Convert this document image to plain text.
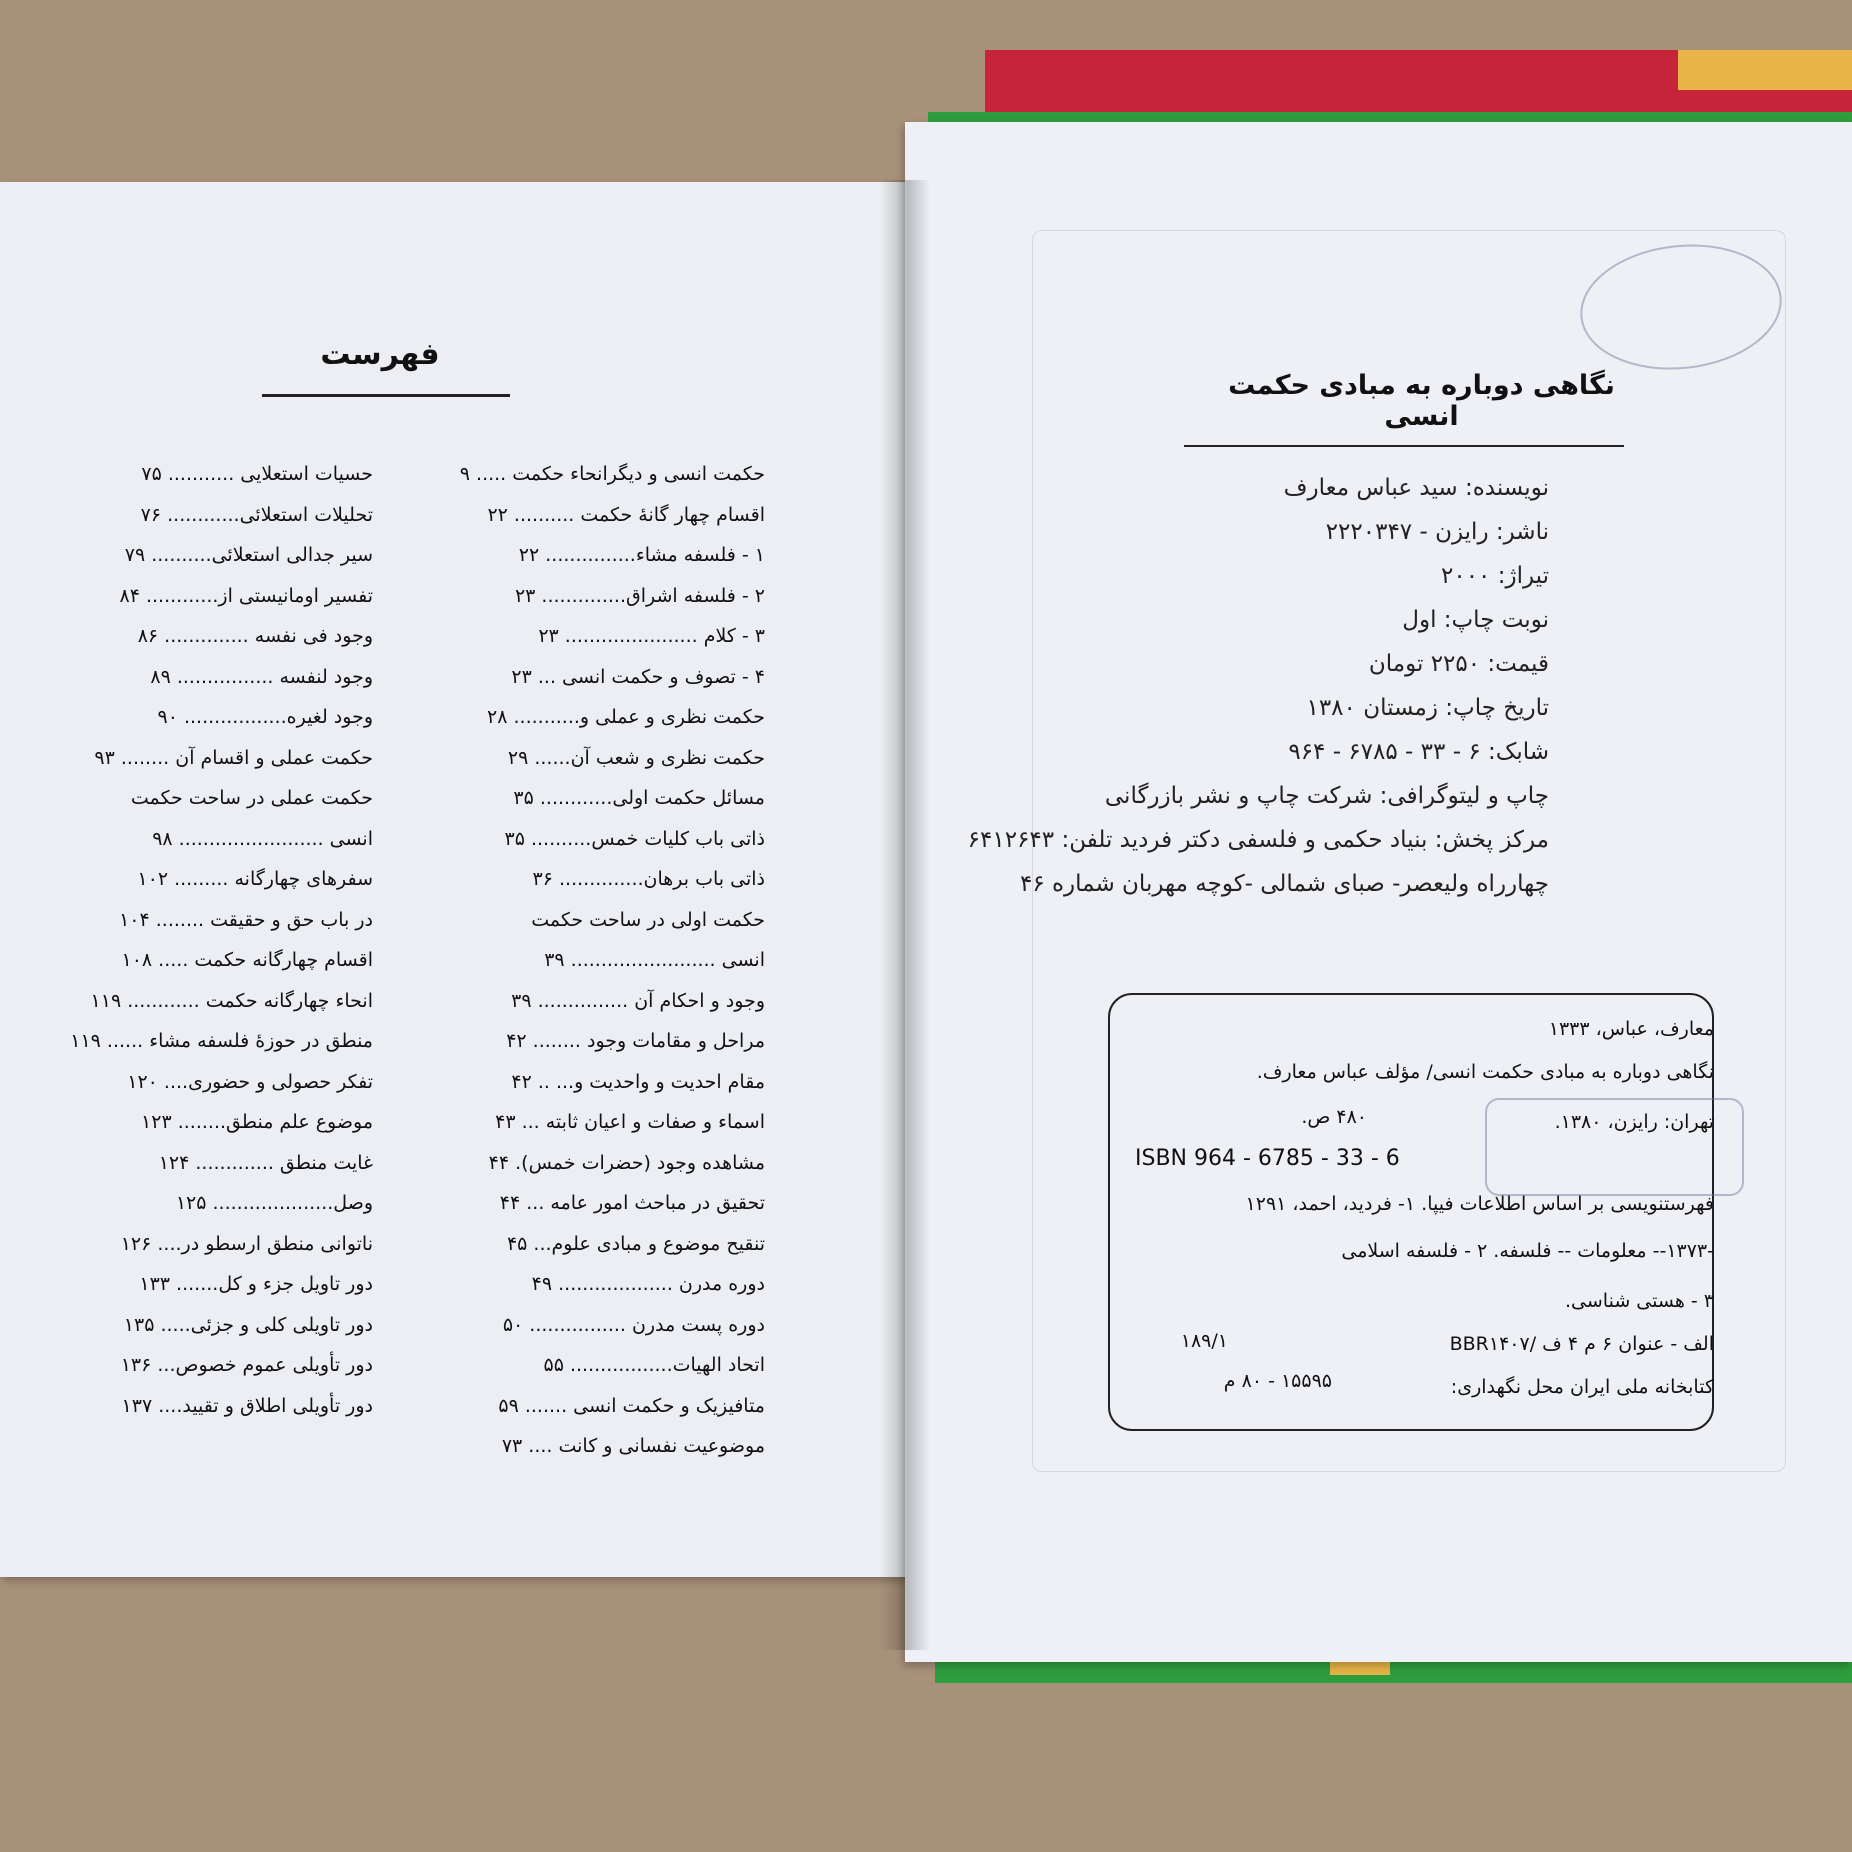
فهرست
حکمت انسی و دیگرانحاء حکمت ..... ۹
اقسام چهار گانهٔ حکمت .......... ۲۲
۱ - فلسفه مشاء............... ۲۲
۲ - فلسفه اشراق.............. ۲۳
۳ - کلام ...................... ۲۳
۴ - تصوف و حکمت انسی ... ۲۳
حکمت نظری و عملی و........... ۲۸
حکمت نظری و شعب آن...... ۲۹
مسائل حکمت اولی............ ۳۵
ذاتی باب کلیات خمس.......... ۳۵
ذاتی باب برهان.............. ۳۶
حکمت اولی در ساحت حکمت
انسی ........................ ۳۹
وجود و احکام آن ............... ۳۹
مراحل و مقامات وجود ........ ۴۲
مقام احدیت و واحدیت و... .. ۴۲
اسماء و صفات و اعیان ثابته ... ۴۳
مشاهده وجود (حضرات خمس). ۴۴
تحقیق در مباحث امور عامه ... ۴۴
تنقیح موضوع و مبادی علوم... ۴۵
دوره مدرن ................... ۴۹
دوره پست مدرن ................ ۵۰
اتحاد الهیات................. ۵۵
متافیزیک و حکمت انسی ....... ۵۹
موضوعیت نفسانی و کانت .... ۷۳
حسیات استعلایی ........... ۷۵
تحلیلات استعلائی............ ۷۶
سیر جدالی استعلائی.......... ۷۹
تفسیر اومانیستی از............ ۸۴
وجود فی نفسه .............. ۸۶
وجود لنفسه ................ ۸۹
وجود لغیره................. ۹۰
حکمت عملی و اقسام آن ........ ۹۳
حکمت عملی در ساحت حکمت
انسی ........................ ۹۸
سفرهای چهارگانه ......... ۱۰۲
در باب حق و حقیقت ........ ۱۰۴
اقسام چهارگانه حکمت ..... ۱۰۸
انحاء چهارگانه حکمت ............ ۱۱۹
منطق در حوزهٔ فلسفه مشاء ...... ۱۱۹
تفکر حصولی و حضوری.... ۱۲۰
موضوع علم منطق........ ۱۲۳
غایت منطق ............. ۱۲۴
وصل.................... ۱۲۵
ناتوانی منطق ارسطو در.... ۱۲۶
دور تاویل جزء و کل....... ۱۳۳
دور تاویلی کلی و جزئی..... ۱۳۵
دور تأویلی عموم خصوص... ۱۳۶
دور تأویلی اطلاق و تقیید.... ۱۳۷
نگاهی دوباره به مبادی حکمت انسی
نویسنده: سید عباس معارف
ناشر: رایزن - ۲۲۲۰۳۴۷
تیراژ: ۲۰۰۰
نوبت چاپ: اول
قیمت: ۲۲۵۰ تومان
تاریخ چاپ: زمستان ۱۳۸۰
شابک: ۶ - ۳۳ - ۶۷۸۵ - ۹۶۴
چاپ و لیتوگرافی: شرکت چاپ و نشر بازرگانی
مرکز پخش: بنیاد حکمی و فلسفی دکتر فردید تلفن: ۶۴۱۲۶۴۳
چهارراه ولیعصر- صبای شمالی -کوچه مهربان شماره ۴۶
معارف، عباس، ۱۳۳۳
نگاهی دوباره به مبادی حکمت انسی/ مؤلف عباس معارف.
تهران: رایزن، ۱۳۸۰.
۴۸۰ ص.
ISBN 964 - 6785 - 33 - 6
فهرستنویسی بر اساس اطلاعات فیپا. ۱- فردید، احمد، ۱۲۹۱
-۱۳۷۳-- معلومات -- فلسفه. ۲ - فلسفه اسلامی
۳ - هستی شناسی.
الف - عنوان ۶ م ۴ ف /BBR۱۴۰۷
۱۸۹/۱
کتابخانه ملی ایران محل نگهداری:
۱۵۵۹۵ - ۸۰ م
